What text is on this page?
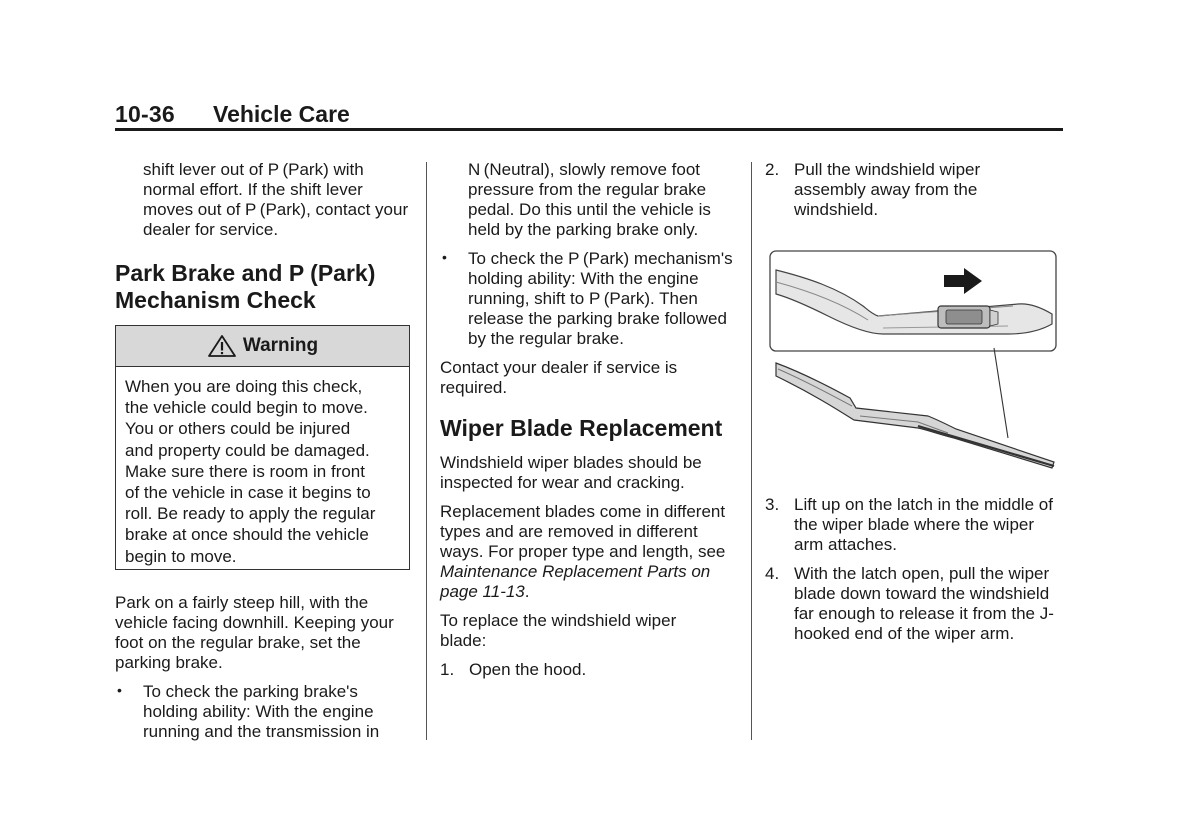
10-36 Vehicle Care

shift lever out of P (Park) with normal effort. If the shift lever moves out of P (Park), contact your dealer for service.

Park Brake and P (Park)
Mechanism Check
Warning
When you are doing this check,
the vehicle could begin to move.
You or others could be injured
and property could be damaged.
Make sure there is room in front
of the vehicle in case it begins to
roll. Be ready to apply the regular
brake at once should the vehicle
begin to move.

Park on a fairly steep hill, with the vehicle facing downhill. Keeping your foot on the regular brake, set the parking brake.

• To check the parking brake's holding ability: With the engine running and the transmission in

N (Neutral), slowly remove foot pressure from the regular brake pedal. Do this until the vehicle is held by the parking brake only.

• To check the P (Park) mechanism's holding ability: With the engine running, shift to P (Park). Then release the parking brake followed by the regular brake.

Contact your dealer if service is required.

Wiper Blade Replacement

Windshield wiper blades should be inspected for wear and cracking.

Replacement blades come in different types and are removed in different ways. For proper type and length, see Maintenance Replacement Parts on page 11-13.

To replace the windshield wiper blade:

1. Open the hood.
2. Pull the windshield wiper assembly away from the windshield.
3. Lift up on the latch in the middle of the wiper blade where the wiper arm attaches.
4. With the latch open, pull the wiper blade down toward the windshield far enough to release it from the J-hooked end of the wiper arm.
